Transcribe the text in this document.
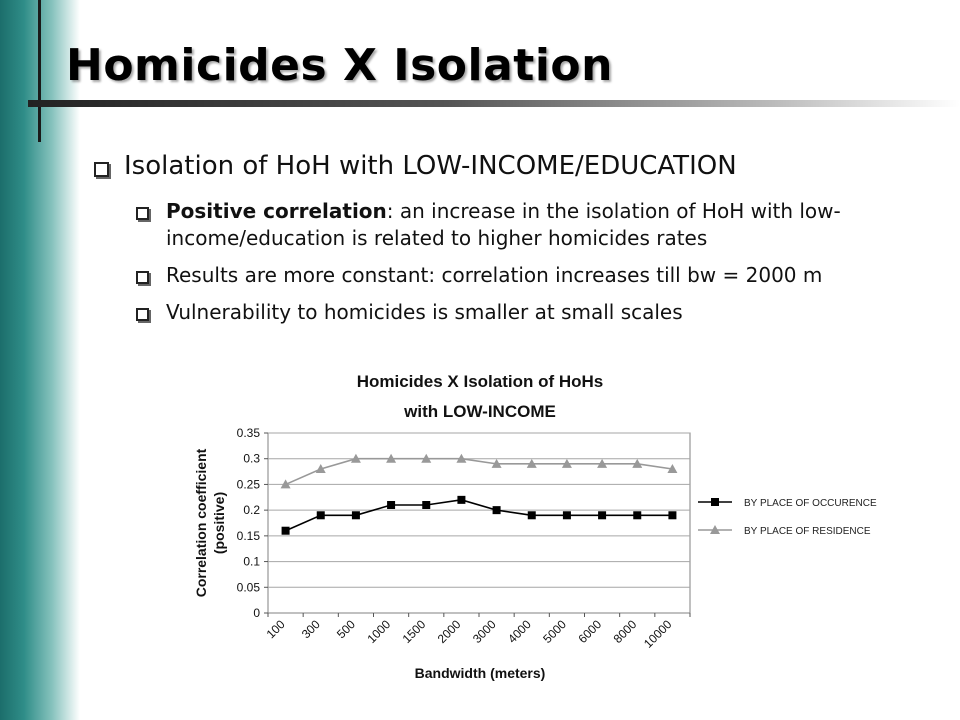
Homicides X Isolation
Isolation of HoH with LOW-INCOME/EDUCATION
Positive correlation: an increase in the isolation of HoH with low-income/education is related to higher homicides rates
Results are more constant: correlation increases till bw = 2000 m
Vulnerability to homicides is smaller at small scales
Homicides X Isolation of HoHs
with LOW-INCOME
0
0.05
0.1
0.15
0.2
0.25
0.3
0.35
100 300 500 1000 1500 2000 3000 4000 5000 6000 8000 10000
Bandwidth (meters)
Correlation coefficient (positive)	BY PLACE OF OCCURENCE
BY PLACE OF RESIDENCE
